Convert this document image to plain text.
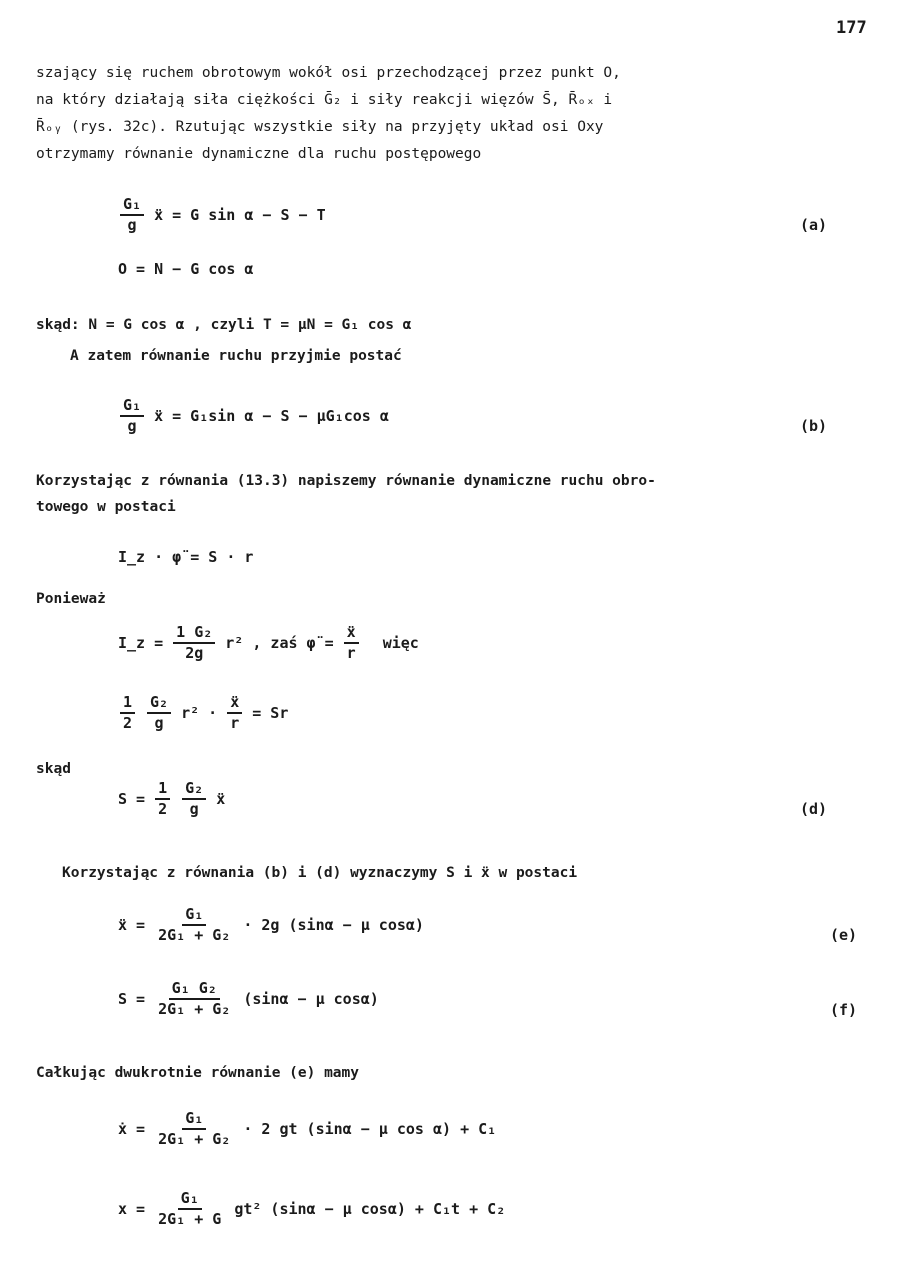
177
szający się ruchem obrotowym wokół osi przechodzącej przez punkt O,
na który działają siła ciężkości Ḡ₂ i siły reakcji więzów S̄, R̄ₒₓ i
R̄ₒᵧ (rys. 32c). Rzutując wszystkie siły na przyjęty układ osi Oxy
otrzymamy równanie dynamiczne dla ruchu postępowego
$\frac{\text{G₁}}{g}$ ẍ = G sin α − S − T
(a)
O = N − G cos α
skąd: N = G cos α , czyli T = μN = G₁ cos α
A zatem równanie ruchu przyjmie postać
$\frac{\text{G₁}}{g}$ ẍ = G₁sin α − S − μG₁cos α
(b)
Korzystając z równania (13.3) napiszemy równanie dynamiczne ruchu obro-
towego w postaci
I_z · φ̈ = S · r
Ponieważ
I_z = $\frac{\text{1 G₂}}{2g} r^2$ , zaś φ̈ = $\frac{\text{ẍ}}{r}$ więc
$\frac{1}{2} \frac{\text{G₂}}{g} r^2 \cdot \frac{\text{ẍ}}{r} = Sr$
skąd
$S = \frac{1}{2} \frac{\text{G₂}}{g}$ ẍ
(d)
Korzystając z równania (b) i (d) wyznaczymy S i ẍ w postaci
ẍ = $\frac{\text{G₁}}{\text{2G₁ + G₂}} \cdot 2g$ (sinα − μ cosα)
(e)
$S = \frac{\text{G₁ G₂}}{\text{2G₁ + G₂}} (\sin\alpha - \mu$ cosα)
(f)
Całkując dwukrotnie równanie (e) mamy
ẋ = $\frac{\text{G₁}}{\text{2G₁ + G₂}} \cdot 2$ gt (sinα − μ cos α) + C₁
$x = \frac{\text{G₁}}{\text{2G₁ + G}} gt^2$ (sinα − μ cosα) + C₁t + C₂
